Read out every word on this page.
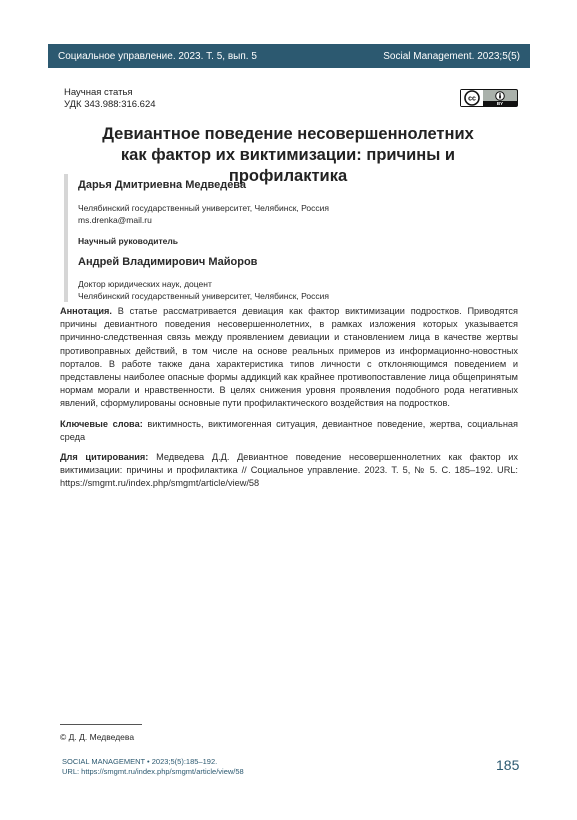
Социальное управление. 2023. Т. 5, вып. 5	Social Management. 2023;5(5)
Научная статья
УДК 343.988:316.624	cc
BY
Девиантное поведение несовершеннолетних
как фактор их виктимизации: причины и профилактика
Дарья Дмитриевна Медведева

Челябинский государственный университет, Челябинск, Россия

ms.drenka@mail.ru

Научный руководитель
Андрей Владимирович Майоров

Доктор юридических наук, доцент

Челябинский государственный университет, Челябинск, Россия

Аннотация. В статье рассматривается девиация как фактор виктимизации подростков. Приводятся причины девиантного поведения несовершеннолетних, в рамках изложения которых указывается причинно-следственная связь между проявлением девиации и становлением лица в качестве жертвы противоправных действий, в том числе на основе реальных примеров из информационно-новостных порталов. В работе также дана характеристика типов личности с отклоняющимся поведением и представлены наиболее опасные формы аддикций как крайнее противопоставление лица общепринятым нормам морали и нравственности. В целях снижения уровня проявления подобного рода негативных явлений, сформулированы основные пути профилактического воздействия на подростков.

Ключевые слова: виктимность, виктимогенная ситуация, девиантное поведение, жертва, социальная среда

Для цитирования: Медведева Д.Д. Девиантное поведение несовершеннолетних как фактор их виктимизации: причины и профилактика // Социальное управление. 2023. Т. 5, № 5. С. 185–192. URL: https://smgmt.ru/index.php/smgmt/article/view/58

© Д. Д. Медведева
SOCIAL MANAGEMENT • 2023;5(5):185–192.
URL: https://smgmt.ru/index.php/smgmt/article/view/58	185
